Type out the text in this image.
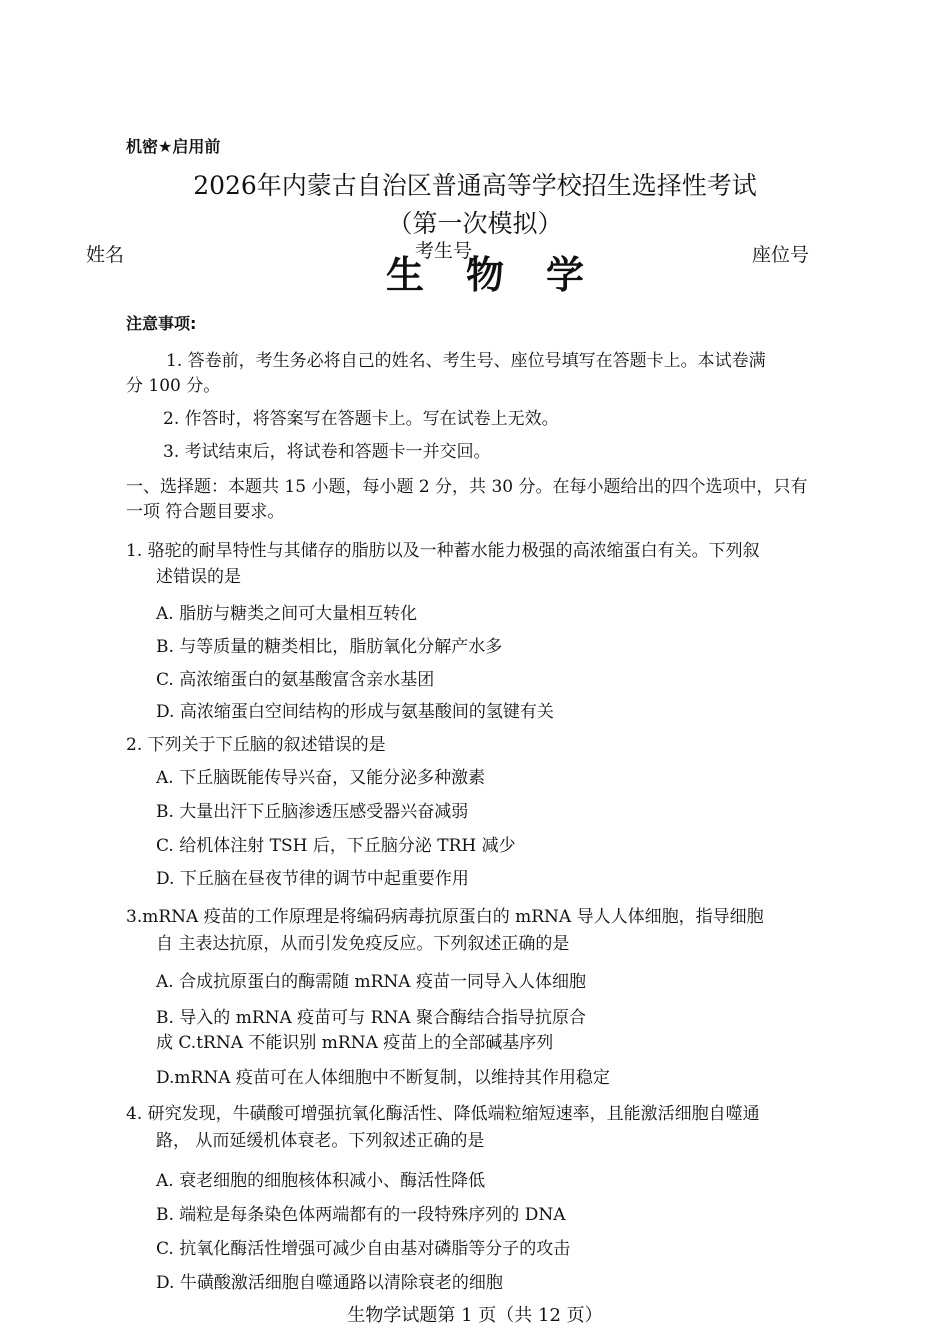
机密★启用前
2026年内蒙古自治区普通高等学校招生选择性考试
（第一次模拟）
姓名	考生号	座位号
生 物 学
注意事项:
1. 答卷前，考生务必将自己的姓名、考生号、座位号填写在答题卡上。本试卷满
分 100 分。
2. 作答时，将答案写在答题卡上。写在试卷上无效。
3. 考试结束后，将试卷和答题卡一并交回。
一、选择题：本题共 15 小题，每小题 2 分，共 30 分。在每小题给出的四个选项中，只有
一项 符合题目要求。
1. 骆驼的耐旱特性与其储存的脂肪以及一种蓄水能力极强的高浓缩蛋白有关。下列叙
述错误的是
A. 脂肪与糖类之间可大量相互转化
B. 与等质量的糖类相比，脂肪氧化分解产水多
C. 高浓缩蛋白的氨基酸富含亲水基团
D. 高浓缩蛋白空间结构的形成与氨基酸间的氢键有关
2. 下列关于下丘脑的叙述错误的是
A. 下丘脑既能传导兴奋，又能分泌多种激素
B. 大量出汗下丘脑渗透压感受器兴奋减弱
C. 给机体注射 TSH 后，下丘脑分泌 TRH 减少
D. 下丘脑在昼夜节律的调节中起重要作用
3.mRNA 疫苗的工作原理是将编码病毒抗原蛋白的 mRNA 导人人体细胞，指导细胞
自 主表达抗原，从而引发免疫反应。下列叙述正确的是
A. 合成抗原蛋白的酶需随 mRNA 疫苗一同导入人体细胞
B. 导入的 mRNA 疫苗可与 RNA 聚合酶结合指导抗原合
成 C.tRNA 不能识别 mRNA 疫苗上的全部碱基序列
D.mRNA 疫苗可在人体细胞中不断复制，以维持其作用稳定
4. 研究发现，牛磺酸可增强抗氧化酶活性、降低端粒缩短速率，且能激活细胞自噬通
路， 从而延缓机体衰老。下列叙述正确的是
A. 衰老细胞的细胞核体积减小、酶活性降低
B. 端粒是每条染色体两端都有的一段特殊序列的 DNA
C. 抗氧化酶活性增强可减少自由基对磷脂等分子的攻击
D. 牛磺酸激活细胞自噬通路以清除衰老的细胞
生物学试题第 1 页（共 12 页）
